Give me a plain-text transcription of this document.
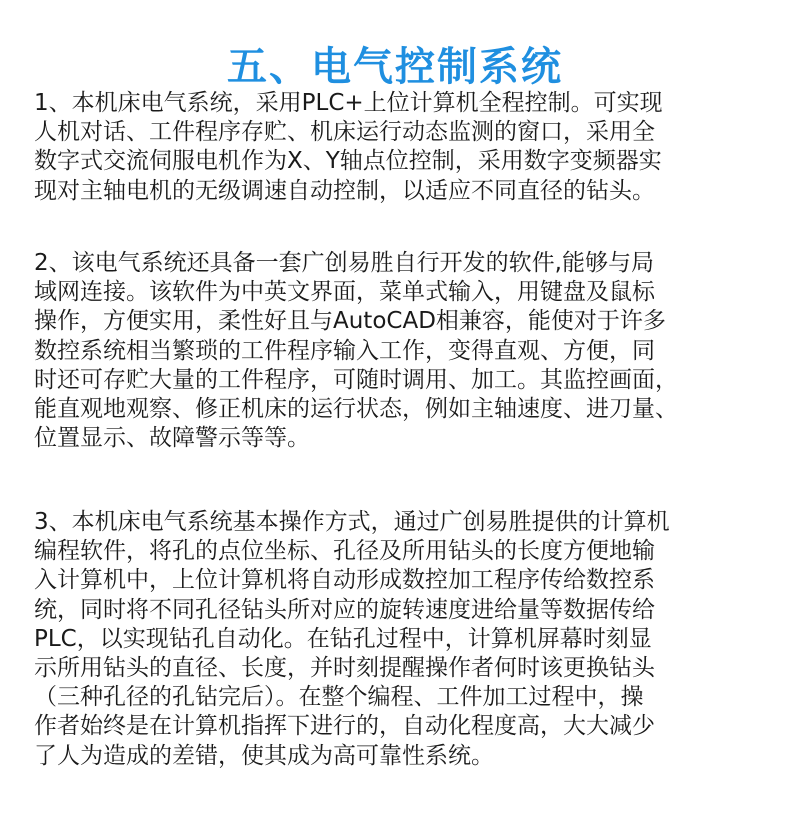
五、电气控制系统

1、本机床电气系统，采用PLC+上位计算机全程控制。可实现
人机对话、工件程序存贮、机床运行动态监测的窗口，采用全
数字式交流伺服电机作为X、Y轴点位控制，采用数字变频器实
现对主轴电机的无级调速自动控制，以适应不同直径的钻头。

2、该电气系统还具备一套广创易胜自行开发的软件,能够与局
域网连接。该软件为中英文界面，菜单式输入，用键盘及鼠标
操作，方便实用，柔性好且与AutoCAD相兼容，能使对于许多
数控系统相当繁琐的工件程序输入工作，变得直观、方便，同
时还可存贮大量的工件程序，可随时调用、加工。其监控画面，
能直观地观察、修正机床的运行状态，例如主轴速度、进刀量、
位置显示、故障警示等等。

3、本机床电气系统基本操作方式，通过广创易胜提供的计算机
编程软件，将孔的点位坐标、孔径及所用钻头的长度方便地输
入计算机中，上位计算机将自动形成数控加工程序传给数控系
统，同时将不同孔径钻头所对应的旋转速度进给量等数据传给
PLC，以实现钻孔自动化。在钻孔过程中，计算机屏幕时刻显
示所用钻头的直径、长度，并时刻提醒操作者何时该更换钻头
（三种孔径的孔钻完后）。在整个编程、工件加工过程中，操
作者始终是在计算机指挥下进行的，自动化程度高，大大减少
了人为造成的差错，使其成为高可靠性系统。
